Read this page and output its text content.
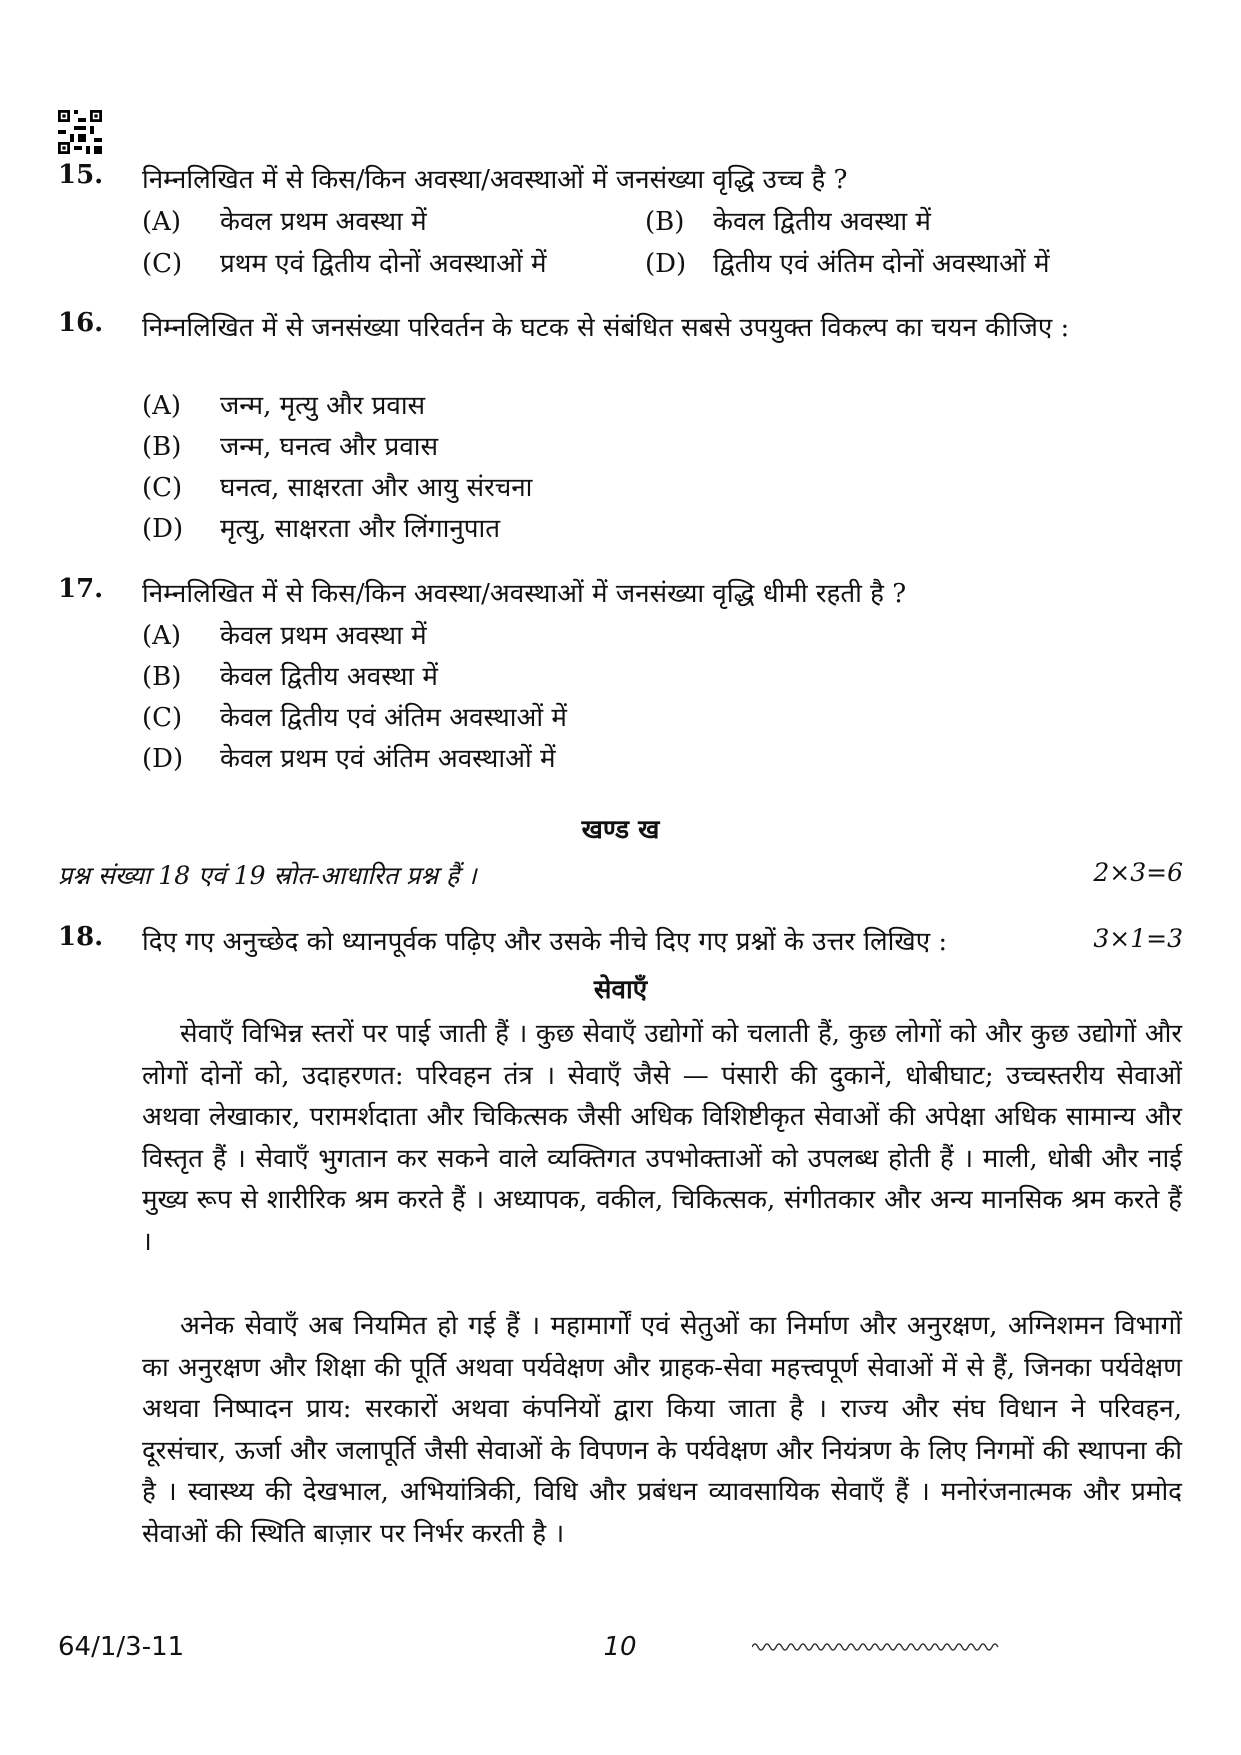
15. निम्नलिखित में से किस/किन अवस्था/अवस्थाओं में जनसंख्या वृद्धि उच्च है ?
(A)	केवल प्रथम अवस्था में	(B)	केवल द्वितीय अवस्था में
(C)	प्रथम एवं द्वितीय दोनों अवस्थाओं में	(D)	द्वितीय एवं अंतिम दोनों अवस्थाओं में
16. निम्नलिखित में से जनसंख्या परिवर्तन के घटक से संबंधित सबसे उपयुक्त विकल्प का चयन कीजिए :
(A)	जन्म, मृत्यु और प्रवास
(B)	जन्म, घनत्व और प्रवास
(C)	घनत्व, साक्षरता और आयु संरचना
(D)	मृत्यु, साक्षरता और लिंगानुपात
17. निम्नलिखित में से किस/किन अवस्था/अवस्थाओं में जनसंख्या वृद्धि धीमी रहती है ?
(A)	केवल प्रथम अवस्था में
(B)	केवल द्वितीय अवस्था में
(C)	केवल द्वितीय एवं अंतिम अवस्थाओं में
(D)	केवल प्रथम एवं अंतिम अवस्थाओं में
खण्ड ख
प्रश्न संख्या 18 एवं 19 स्रोत-आधारित प्रश्न हैं ।	2×3=6
18. दिए गए अनुच्छेद को ध्यानपूर्वक पढ़िए और उसके नीचे दिए गए प्रश्नों के उत्तर लिखिए :	3×1=3
सेवाएँ
सेवाएँ विभिन्न स्तरों पर पाई जाती हैं । कुछ सेवाएँ उद्योगों को चलाती हैं, कुछ लोगों को और कुछ उद्योगों और लोगों दोनों को, उदाहरणत: परिवहन तंत्र । सेवाएँ जैसे — पंसारी की दुकानें, धोबीघाट; उच्चस्तरीय सेवाओं अथवा लेखाकार, परामर्शदाता और चिकित्सक जैसी अधिक विशिष्टीकृत सेवाओं की अपेक्षा अधिक सामान्य और विस्तृत हैं । सेवाएँ भुगतान कर सकने वाले व्यक्तिगत उपभोक्ताओं को उपलब्ध होती हैं । माली, धोबी और नाई मुख्य रूप से शारीरिक श्रम करते हैं । अध्यापक, वकील, चिकित्सक, संगीतकार और अन्य मानसिक श्रम करते हैं ।
अनेक सेवाएँ अब नियमित हो गई हैं । महामार्गों एवं सेतुओं का निर्माण और अनुरक्षण, अग्निशमन विभागों का अनुरक्षण और शिक्षा की पूर्ति अथवा पर्यवेक्षण और ग्राहक-सेवा महत्त्वपूर्ण सेवाओं में से हैं, जिनका पर्यवेक्षण अथवा निष्पादन प्राय: सरकारों अथवा कंपनियों द्वारा किया जाता है । राज्य और संघ विधान ने परिवहन, दूरसंचार, ऊर्जा और जलापूर्ति जैसी सेवाओं के विपणन के पर्यवेक्षण और नियंत्रण के लिए निगमों की स्थापना की है । स्वास्थ्य की देखभाल, अभियांत्रिकी, विधि और प्रबंधन व्यावसायिक सेवाएँ हैं । मनोरंजनात्मक और प्रमोद सेवाओं की स्थिति बाज़ार पर निर्भर करती है ।
64/1/3-11	10
